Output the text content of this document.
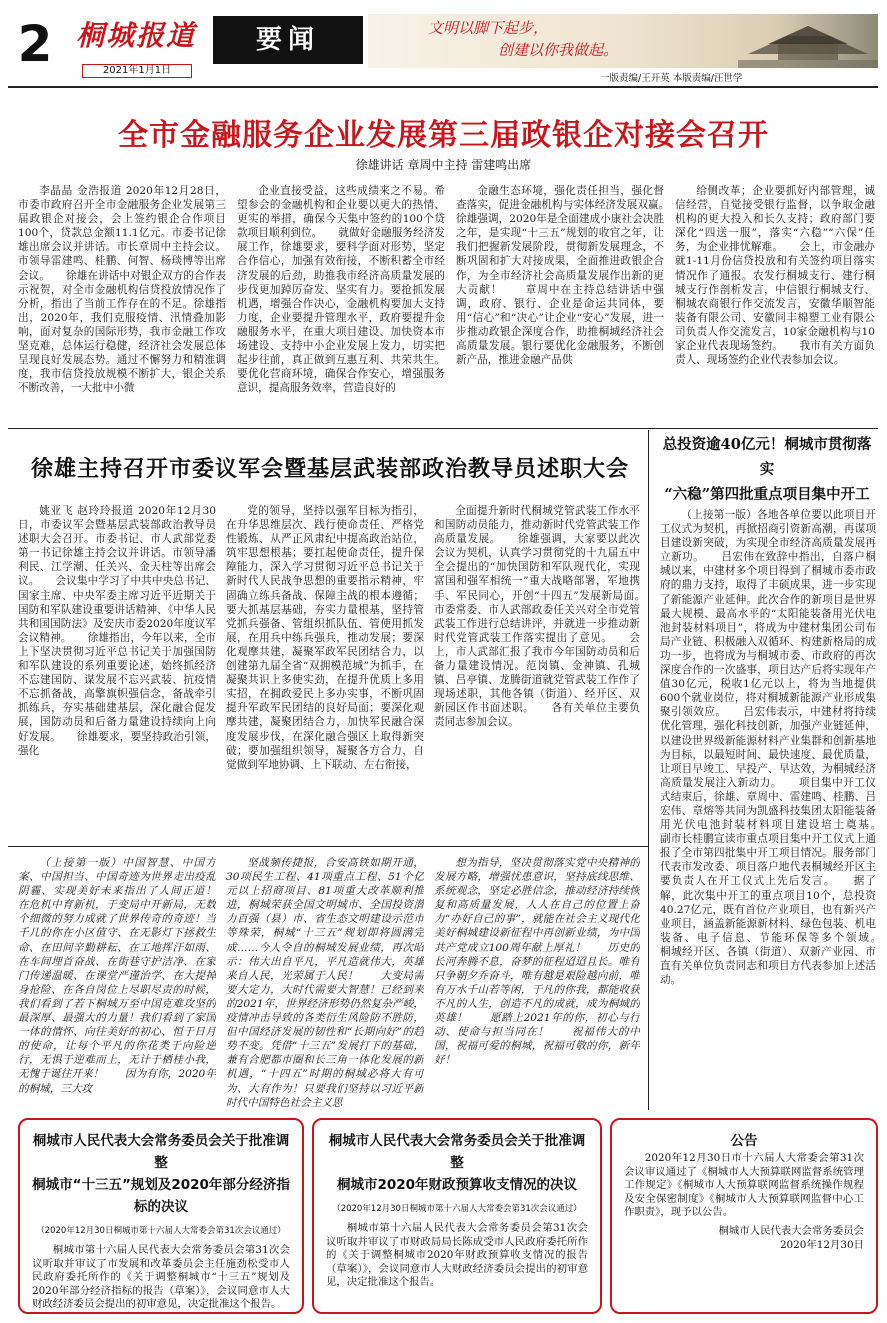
2 桐城报道
2021年1月1日
要闻	文明以脚下起步，
创建以你我做起。
一版责编/王开英 本版责编/汪世学
全市金融服务企业发展第三届政银企对接会召开
徐雄讲话 章周中主持 雷建鸣出席
李晶晶 金浩报道 2020年12月28日，市委市政府召开全市金融服务企业发展第三届政银企对接会，会上签约银企合作项目100个，贷款总金额11.1亿元。市委书记徐雄出席会议并讲话。市长章周中主持会议。市领导雷建鸣、桂鹏、何智、杨琰博等出席会议。　　徐雄在讲话中对银企双方的合作表示祝贺，对全市金融机构信贷投放情况作了分析，指出了当前工作存在的不足。徐雄指出，2020年，我们克服疫情、汛情叠加影响，面对复杂的国际形势，我市金融工作攻坚克难，总体运行稳健，经济社会发展总体呈现良好发展态势。通过不懈努力和精准调度，我市信贷投放规模不断扩大，银企关系不断改善，一大批中小微
企业直接受益，这些成绩来之不易。希望参会的金融机构和企业要以更大的热情、更实的举措，确保今天集中签约的100个贷款项目顺利到位。　　就做好金融服务经济发展工作，徐雄要求，要科学面对形势，坚定合作信心，加强有效衔接，不断积蓄全市经济发展的后劲，助推我市经济高质量发展的步伐更加踔厉奋发、坚实有力。要抢抓发展机遇，增强合作决心，金融机构要加大支持力度，企业要提升管理水平，政府要提升金融服务水平，在重大项目建设、加快资本市场建设、支持中小企业发展上发力，切实把起步往前，真正做到互惠互利、共荣共生。要优化营商环境，确保合作安心，增强服务意识，提高服务效率，营造良好的
金融生态环境，强化责任担当，强化督查落实，促进金融机构与实体经济发展双赢。　　徐雄强调，2020年是全面建成小康社会决胜之年，是实现“十三五”规划的收官之年，让我们把握新发展阶段，贯彻新发展理念，不断巩固和扩大对接成果，全面推进政银企合作，为全市经济社会高质量发展作出新的更大贡献！　　章周中在主持总结讲话中强调，政府、银行、企业是命运共同体，要用“信心”和“决心”让企业“安心”发展，进一步推动政银企深度合作，助推桐城经济社会高质量发展。银行要优化金融服务，不断创新产品，推进金融产品供
给侧改革；企业要抓好内部管理，诚信经营，自觉接受银行监督，以争取金融机构的更大投入和长久支持；政府部门要深化“四送一服”，落实“六稳”“六保”任务，为企业排忧解难。　　会上，市金融办就1-11月份信贷投放和有关签约项目落实情况作了通报。农发行桐城支行、建行桐城支行作剖析发言，中信银行桐城支行、桐城农商银行作交流发言，安徽华顺智能装备有限公司、安徽同丰棉塑工业有限公司负责人作交流发言，10家金融机构与10家企业代表现场签约。　　我市有关方面负责人、现场签约企业代表参加会议。
徐雄主持召开市委议军会暨基层武装部政治教导员述职大会
姚亚飞 赵玲玲报道 2020年12月30日，市委议军会暨基层武装部政治教导员述职大会召开。市委书记、市人武部党委第一书记徐雄主持会议并讲话。市领导潘利民、江学潮、任关兴、金天柱等出席会议。　　会议集中学习了中共中央总书记、国家主席、中央军委主席习近平近期关于国防和军队建设重要讲话精神、《中华人民共和国国防法》及安庆市委2020年度议军会议精神。　　徐雄指出，今年以来，全市上下坚决贯彻习近平总书记关于加强国防和军队建设的系列重要论述，始终抓经济不忘建国防、谋发展不忘兴武装、抗疫情不忘抓备战，高擎旗帜强信念，备战牵引抓练兵，夯实基础建基层，深化融合促发展，国防动员和后备力量建设持续向上向好发展。　　徐雄要求，要坚持政治引领，强化
党的领导，坚持以强军目标为指引，在升华思维层次、践行使命责任、严格党性锻炼、从严正风肃纪中提高政治站位，筑牢思想根基；要扛起使命责任，提升保障能力，深入学习贯彻习近平总书记关于新时代人民战争思想的重要指示精神，牢固确立练兵备战、保障主战的根本遵循；要大抓基层基础，夯实力量根基，坚持管党抓兵强备、管组织抓队伍、管使用抓发展，在用兵中练兵强兵，推动发展；要深化观摩共建，凝聚军政军民团结合力，以创建第九届全省“双拥模范城”为抓手，在凝聚共识上多使实劲，在提升优质上多用实招，在拥政爱民上多办实事，不断巩固提升军政军民团结的良好局面；要深化观摩共建，凝聚团结合力，加快军民融合深度发展步伐，在深化融合强区上取得新突破；要加强组织领导，凝聚各方合力，自觉做到军地协调、上下联动、左右衔接，
全面提升新时代桐城党管武装工作水平和国防动员能力，推动新时代党管武装工作高质量发展。　　徐雄强调，大家要以此次会议为契机，认真学习贯彻党的十九届五中全会提出的“加快国防和军队现代化，实现富国和强军相统一”重大战略部署，军地携手、军民同心，开创“十四五”发展新局面。　　市委常委、市人武部政委任关兴对全市党管武装工作进行总结讲评，并就进一步推动新时代党管武装工作落实提出了意见。　　会上，市人武部汇报了我市今年国防动员和后备力量建设情况。范岗镇、金神镇、孔城镇、吕亭镇、龙腾街道就党管武装工作作了现场述职，其他各镇（街道）、经开区、双新园区作书面述职。　　各有关单位主要负责同志参加会议。
总投资逾40亿元！桐城市贯彻落实
“六稳”第四批重点项目集中开工
（上接第一版）各地各单位要以此项目开工仪式为契机，再掀招商引资新高潮，再谋项目建设新突破，为实现全市经济高质量发展再立新功。　　吕宏伟在致辞中指出，自落户桐城以来，中建材多个项目得到了桐城市委市政府的鼎力支持，取得了丰硕成果，进一步实现了新能源产业延伸。此次合作的新项目是世界最大规模、最高水平的“太阳能装备用光伏电池封装材料项目”，将成为中建材集团公司布局产业链、积极融入双循环、构建新格局的成功一步，也将成为与桐城市委、市政府的再次深度合作的一次盛事，项目达产后将实现年产值30亿元，税收1亿元以上，将为当地提供600个就业岗位，将对桐城新能源产业形成集聚引领效应。　　吕宏伟表示，中建材将持续优化管理，强化科技创新，加强产业链延伸，以建设世界级新能源材料产业集群和创新基地为目标，以最短时间、最快速度、最优质量，让项目早竣工、早投产、早达效，为桐城经济高质量发展注入新动力。　　项目集中开工仪式结束后，徐雄、章周中、雷建鸣、桂鹏、吕宏伟、章熔等共同为凯盛科技集团太阳能装备用光伏电池封装材料项目建设培土奠基。　　副市长桂鹏宣读市重点项目集中开工仪式上通报了全市第四批集中开工项目情况。服务部门代表市发改委、项目落户地代表桐城经开区主要负责人在开工仪式上先后发言。　　据了解，此次集中开工的重点项目10个，总投资40.27亿元，既有首位产业项目，也有新兴产业项目，涵盖新能源新材料、绿色包装、机电装备、电子信息、节能环保等多个领域。　　桐城经开区、各镇（街道）、双新产业园、市直有关单位负责同志和项目方代表参加上述活动。
（上接第一版）中国智慧、中国方案、中国担当、中国奇迹为世界走出疫乱阴霾、实现美好未来指出了人间正道！　　在危机中育新机，于变局中开新局，无数个细微的努力成就了世界传奇的奇迹！当千几的你在小区值守、在无影灯下拯救生命、在田间辛勤耕耘、在工地挥汗如雨、在车间埋首奋战、在街巷守护洁净、在家门传递温暖、在课堂严谨治学、在大提掉身抢险、在各自岗位上尽职尽责的时候，我们看到了若下桐城万至中国克难攻坚的最深厚、最强大的力量！我们看到了家国一体的情怀、向往美好的初心、恒于日月的使命，让每个平凡的你花类于向险逆行，无惧于逆难而上，无计于栖桂小我，无愧于诞往开来！　　因为有你，2020年的桐城，三大攻
坚战频传捷报，合安高铁如期开通，30项民生工程、41项重点工程、51个亿元以上招商项目、81项重大改革顺利推进，桐城荣获全国文明城市、全国投资潜力百强（县）市、省生态文明建设示范市等殊荣，桐城“十三五”规划即将圆满完成……今人令自的桐城发展业绩，再次昭示：伟大出自平凡，平凡造就伟大，英雄来自人民，光荣属于人民！　　大变局需要大定力，大时代需要大智慧！已经到来的2021年，世界经济形势仍然复杂严峻，疫情冲击导致的各类衍生风险防不胜防，但中国经济发展的韧性和“长期向好”的趋势不变。凭借“十三五”发展打下的基础，兼有合肥都市圈和长三角一体化发展的新机遇，“十四五”时期的桐城必将大有可为、大有作为！只要我们坚持以习近平新时代中国特色社会主义思
想为指导，坚决贯彻落实党中央精神的发展方略，增强忧患意识，坚持底线思维、系统观念，坚定必胜信念，推动经济持续恢复和高质量发展，人人在自己的位置上奋力“办好自己的事”，就能在社会主义现代化美好桐城建设新征程中再创新业绩，为中国共产党成立100周年献上厚礼！　　历史的长河奔腾不息，奋梦的征程迢迢且长。唯有只争朝夕乔奋斗，唯有越是艰险越向前，唯有万水千山若等闲，于凡的你我，都能收获不凡的人生，创造不凡的成就，成为桐城的英雄！　　愿踏上2021年的你，初心与行动、使命与担当同在！　　祝福伟大的中国，祝福可爱的桐城，祝福可敬的你，新年好！
桐城市人民代表大会常务委员会关于批准调整
桐城市“十三五”规划及2020年部分经济指标的决议
（2020年12月30日桐城市第十六届人大常委会第31次会议通过）
桐城市第十六届人民代表大会常务委员会第31次会议听取并审议了市发展和改革委员会主任施劲松受市人民政府委托所作的《关于调整桐城市“十三五”规划及2020年部分经济指标的报告（草案）》，会议同意市人大财政经济委员会提出的初审意见，决定批准这个报告。
桐城市人民代表大会常务委员会关于批准调整
桐城市2020年财政预算收支情况的决议
（2020年12月30日桐城市第十六届人大常委会第31次会议通过）
桐城市第十六届人民代表大会常务委员会第31次会议听取并审议了市财政局局长陈成受市人民政府委托所作的《关于调整桐城市2020年财政预算收支情况的报告（草案）》，会议同意市人大财政经济委员会提出的初审意见，决定批准这个报告。
公告
2020年12月30日市十六届人大常委会第31次会议审议通过了《桐城市人大预算联网监督系统管理工作规定》《桐城市人大预算联网监督系统操作规程及安全保密制度》《桐城市人大预算联网监督中心工作职责》，现予以公告。
桐城市人民代表大会常务委员会
2020年12月30日
